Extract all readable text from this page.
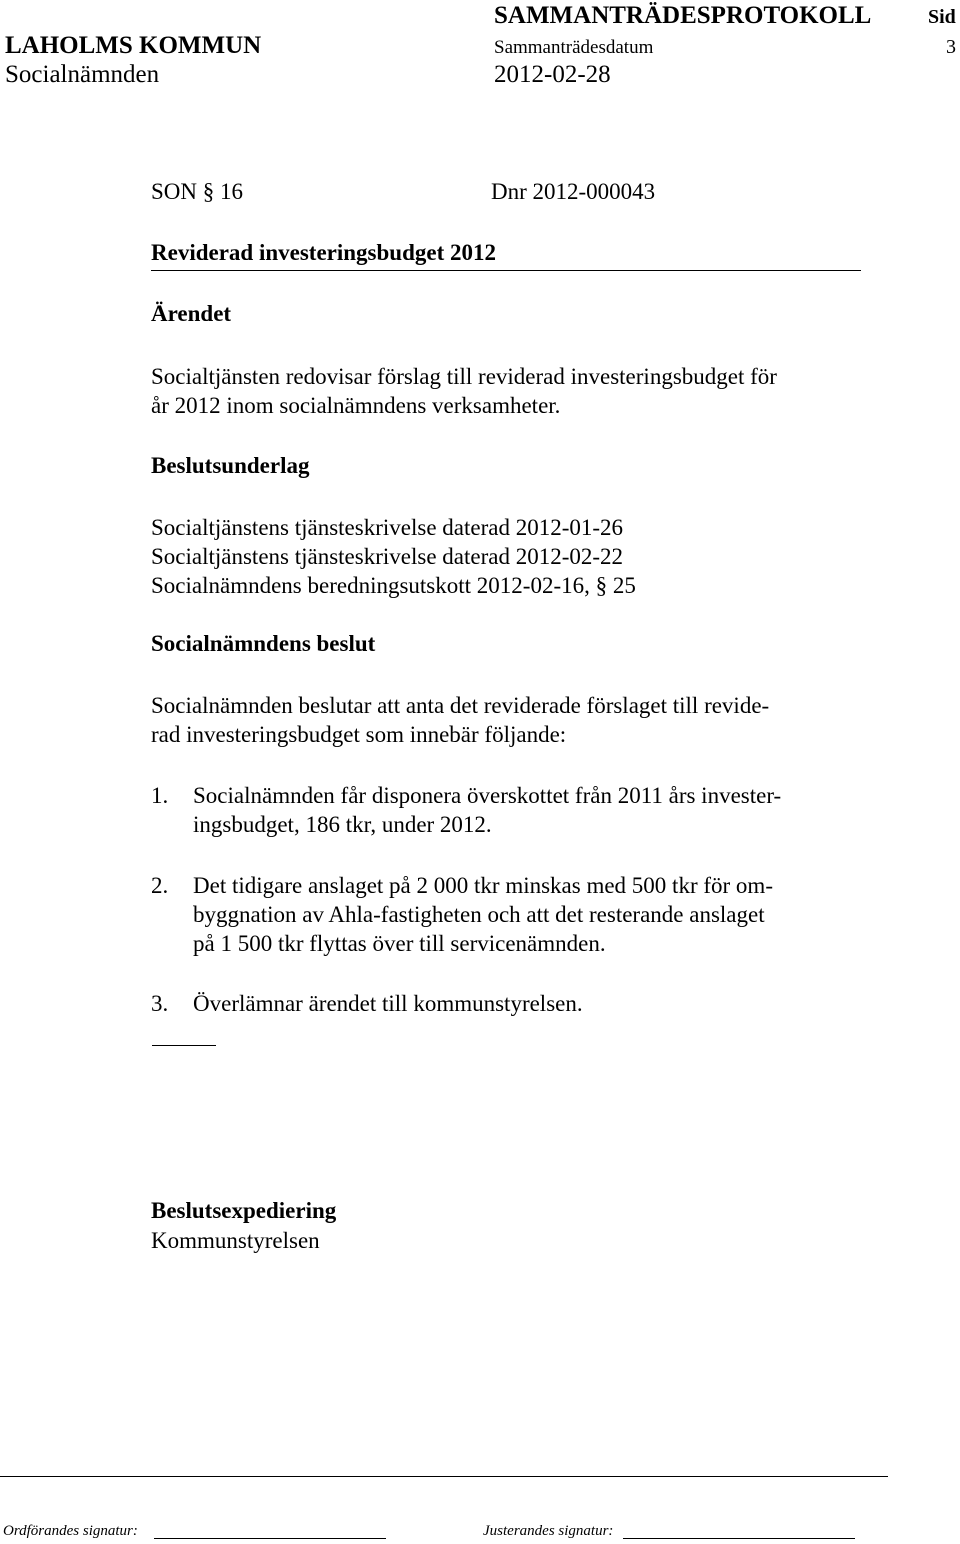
SAMMANTRÄDESPROTOKOLL	Sid
LAHOLMS KOMMUN	Sammanträdesdatum	3
Socialnämnden	2012-02-28
SON § 16	Dnr 2012-000043
Reviderad investeringsbudget 2012
Ärendet
Socialtjänsten redovisar förslag till reviderad investeringsbudget för
år 2012 inom socialnämndens verksamheter.
Beslutsunderlag
Socialtjänstens tjänsteskrivelse daterad 2012-01-26
Socialtjänstens tjänsteskrivelse daterad 2012-02-22
Socialnämndens beredningsutskott 2012-02-16, § 25
Socialnämndens beslut
Socialnämnden beslutar att anta det reviderade förslaget till revide-
rad investeringsbudget som innebär följande:
1. Socialnämnden får disponera överskottet från 2011 års invester-
ingsbudget, 186 tkr, under 2012.
2. Det tidigare anslaget på 2 000 tkr minskas med 500 tkr för om-
byggnation av Ahla-fastigheten och att det resterande anslaget
på 1 500 tkr flyttas över till servicenämnden.
3. Överlämnar ärendet till kommunstyrelsen.
Beslutsexpediering
Kommunstyrelsen
Ordförandes signatur:	Justerandes signatur:
